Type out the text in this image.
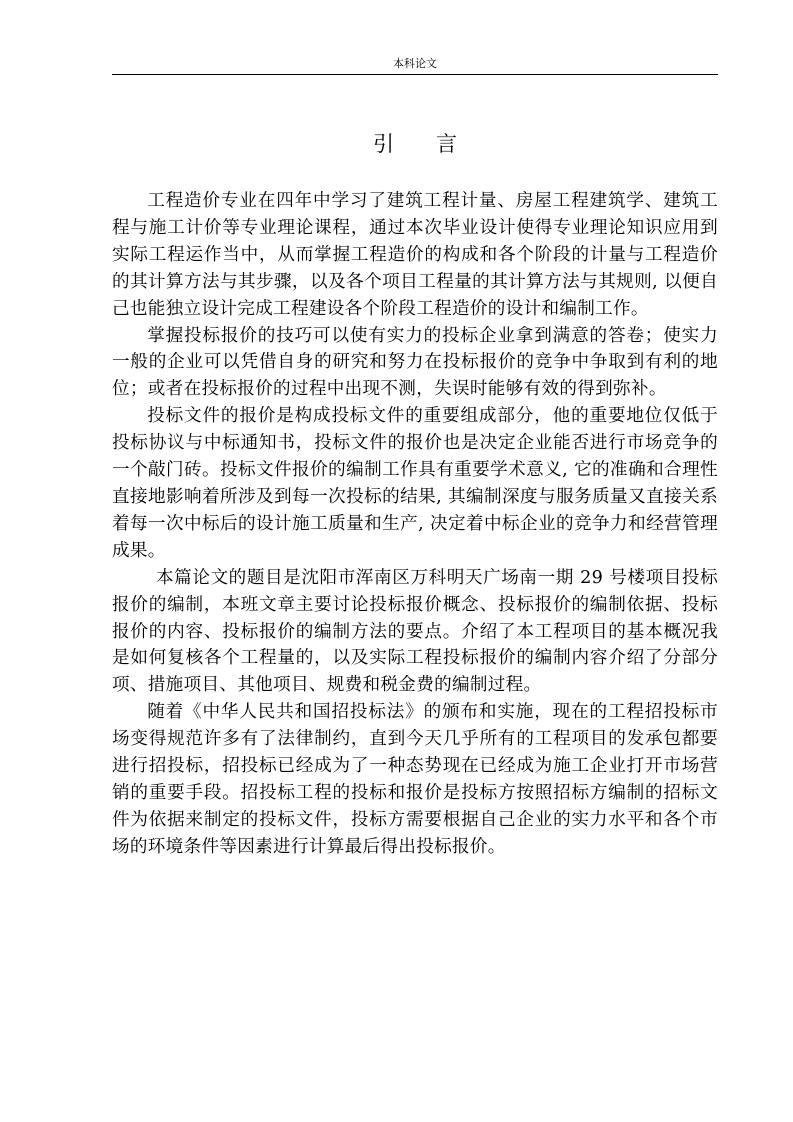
本科论文
引 言

工程造价专业在四年中学习了建筑工程计量、房屋工程建筑学、建筑工程与施工计价等专业理论课程，通过本次毕业设计使得专业理论知识应用到实际工程运作当中，从而掌握工程造价的构成和各个阶段的计量与工程造价的其计算方法与其步骤，以及各个项目工程量的其计算方法与其规则, 以便自己也能独立设计完成工程建设各个阶段工程造价的设计和编制工作。

掌握投标报价的技巧可以使有实力的投标企业拿到满意的答卷；使实力一般的企业可以凭借自身的研究和努力在投标报价的竞争中争取到有利的地位；或者在投标报价的过程中出现不测，失误时能够有效的得到弥补。

投标文件的报价是构成投标文件的重要组成部分，他的重要地位仅低于投标协议与中标通知书，投标文件的报价也是决定企业能否进行市场竞争的一个敲门砖。投标文件报价的编制工作具有重要学术意义, 它的准确和合理性直接地影响着所涉及到每一次投标的结果, 其编制深度与服务质量又直接关系着每一次中标后的设计施工质量和生产, 决定着中标企业的竞争力和经营管理成果。

本篇论文的题目是沈阳市浑南区万科明天广场南一期 29 号楼项目投标报价的编制，本班文章主要讨论投标报价概念、投标报价的编制依据、投标报价的内容、投标报价的编制方法的要点。介绍了本工程项目的基本概况我是如何复核各个工程量的，以及实际工程投标报价的编制内容介绍了分部分项、措施项目、其他项目、规费和税金费的编制过程。

随着《中华人民共和国招投标法》的颁布和实施，现在的工程招投标市场变得规范许多有了法律制约，直到今天几乎所有的工程项目的发承包都要进行招投标，招投标已经成为了一种态势现在已经成为施工企业打开市场营销的重要手段。招投标工程的投标和报价是投标方按照招标方编制的招标文件为依据来制定的投标文件，投标方需要根据自己企业的实力水平和各个市场的环境条件等因素进行计算最后得出投标报价。
